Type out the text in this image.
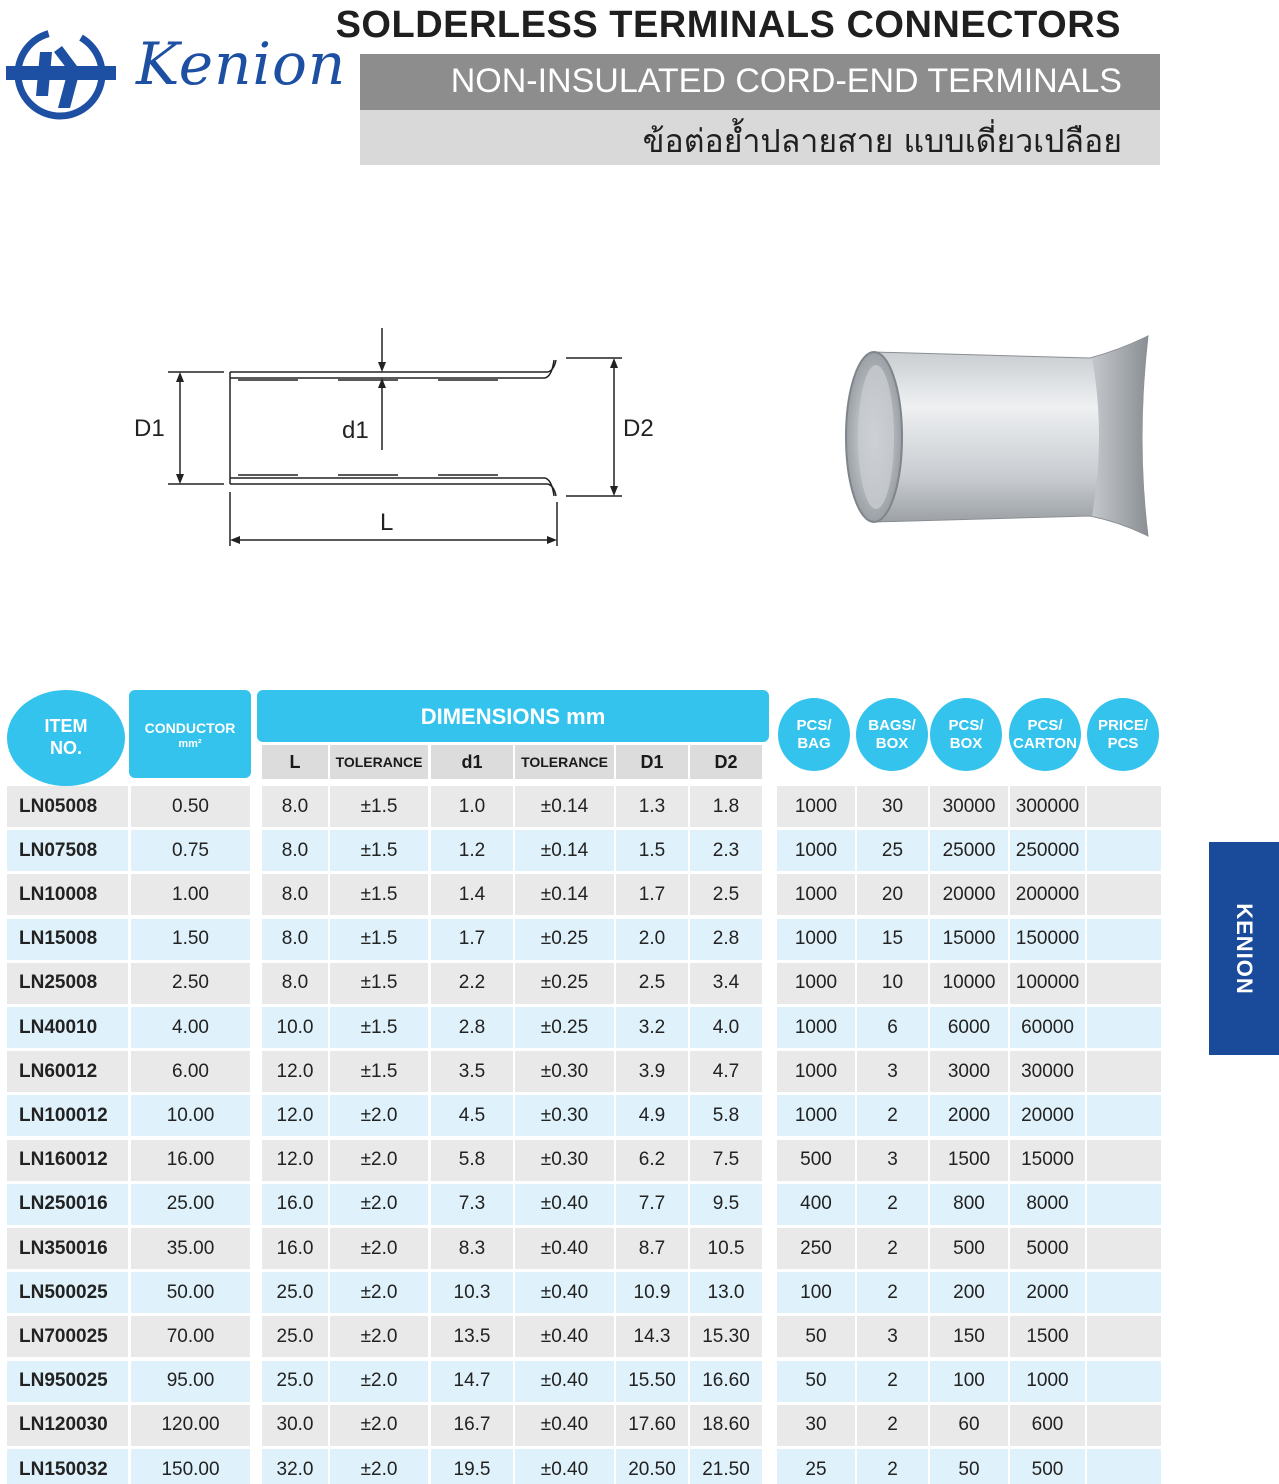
Kenion
SOLDERLESS TERMINALS CONNECTORS
NON-INSULATED CORD-END TERMINALS
ข้อต่อย้ำปลายสาย แบบเดี่ยวเปลือย
D1	d1	D2
L
KENION
ITEM
NO.
CONDUCTOR
mm²
DIMENSIONS mm	PCS/
BAG
BAGS/
BOX
PCS/
BOX
PCS/
CARTON
PRICE/
PCS
L	TOLERANCE	d1	TOLERANCE	D1	D2
LN05008	0.50	8.0	±1.5	1.0	±0.14	1.3	1.8	1000	30	30000	300000
LN07508	0.75	8.0	±1.5	1.2	±0.14	1.5	2.3	1000	25	25000	250000
LN10008	1.00	8.0	±1.5	1.4	±0.14	1.7	2.5	1000	20	20000	200000
LN15008	1.50	8.0	±1.5	1.7	±0.25	2.0	2.8	1000	15	15000	150000
LN25008	2.50	8.0	±1.5	2.2	±0.25	2.5	3.4	1000	10	10000	100000
LN40010	4.00	10.0	±1.5	2.8	±0.25	3.2	4.0	1000	6	6000	60000
LN60012	6.00	12.0	±1.5	3.5	±0.30	3.9	4.7	1000	3	3000	30000
LN100012	10.00	12.0	±2.0	4.5	±0.30	4.9	5.8	1000	2	2000	20000
LN160012	16.00	12.0	±2.0	5.8	±0.30	6.2	7.5	500	3	1500	15000
LN250016	25.00	16.0	±2.0	7.3	±0.40	7.7	9.5	400	2	800	8000
LN350016	35.00	16.0	±2.0	8.3	±0.40	8.7	10.5	250	2	500	5000
LN500025	50.00	25.0	±2.0	10.3	±0.40	10.9	13.0	100	2	200	2000
LN700025	70.00	25.0	±2.0	13.5	±0.40	14.3	15.30	50	3	150	1500
LN950025	95.00	25.0	±2.0	14.7	±0.40	15.50	16.60	50	2	100	1000
LN120030	120.00	30.0	±2.0	16.7	±0.40	17.60	18.60	30	2	60	600
LN150032	150.00	32.0	±2.0	19.5	±0.40	20.50	21.50	25	2	50	500
